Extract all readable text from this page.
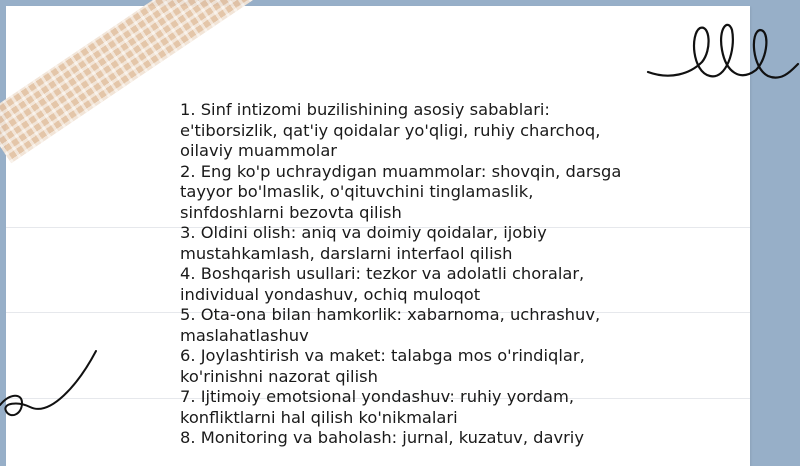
1. Sinf intizomi buzilishining asosiy sabablari: e'tiborsizlik, qat'iy qoidalar yo'qligi, ruhiy charchoq, oilaviy muammolar

2. Eng ko'p uchraydigan muammolar: shovqin, darsga tayyor bo'lmaslik, o'qituvchini tinglamaslik, sinfdoshlarni bezovta qilish

3. Oldini olish: aniq va doimiy qoidalar, ijobiy mustahkamlash, darslarni interfaol qilish

4. Boshqarish usullari: tezkor va adolatli choralar, individual yondashuv, ochiq muloqot

5. Ota-ona bilan hamkorlik: xabarnoma, uchrashuv, maslahatlashuv

6. Joylashtirish va maket: talabga mos o'rindiqlar, ko'rinishni nazorat qilish

7. Ijtimoiy emotsional yondashuv: ruhiy yordam, konfliktlarni hal qilish ko'nikmalari

8. Monitoring va baholash: jurnal, kuzatuv, davriy
